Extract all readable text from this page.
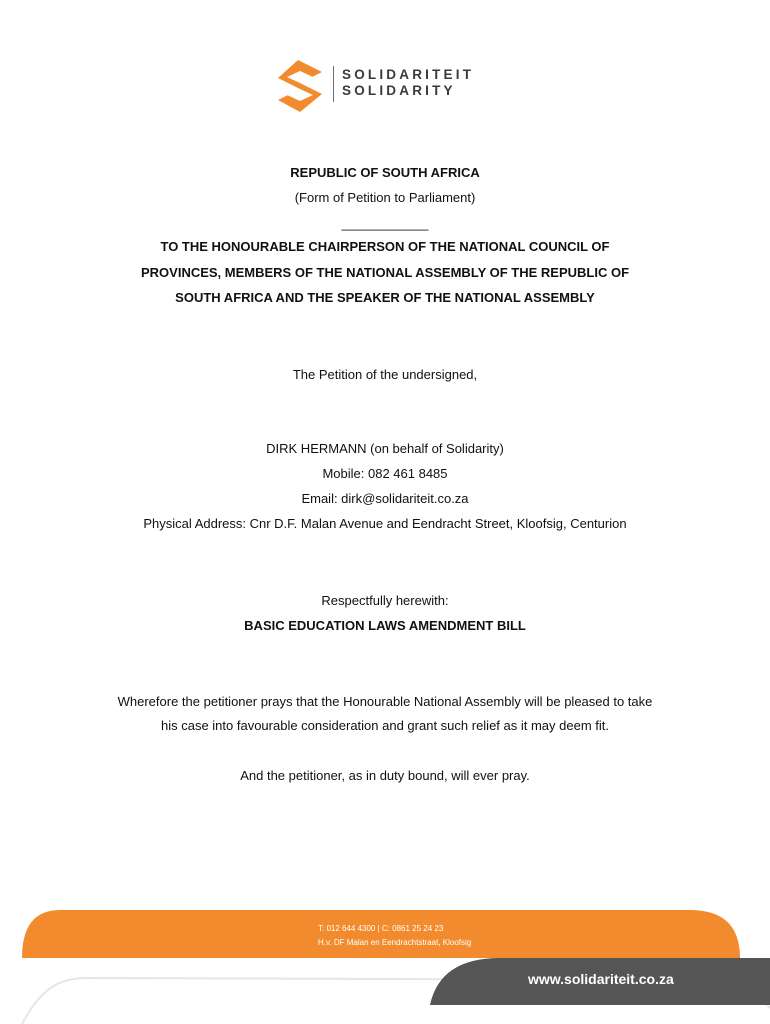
SOLIDARITEIT
SOLIDARITY
REPUBLIC OF SOUTH AFRICA
(Form of Petition to Parliament)
____________
TO THE HONOURABLE CHAIRPERSON OF THE NATIONAL COUNCIL OF
PROVINCES, MEMBERS OF THE NATIONAL ASSEMBLY OF THE REPUBLIC OF
SOUTH AFRICA AND THE SPEAKER OF THE NATIONAL ASSEMBLY
The Petition of the undersigned,
DIRK HERMANN (on behalf of Solidarity)
Mobile: 082 461 8485
Email: dirk@solidariteit.co.za
Physical Address: Cnr D.F. Malan Avenue and Eendracht Street, Kloofsig, Centurion
Respectfully herewith:
BASIC EDUCATION LAWS AMENDMENT BILL
Wherefore the petitioner prays that the Honourable National Assembly will be pleased to take
his case into favourable consideration and grant such relief as it may deem fit.
And the petitioner, as in duty bound, will ever pray.
T: 012 644 4300 | C: 0861 25 24 23
H.v. DF Malan en Eendrachtstraat, Kloofsig
www.solidariteit.co.za
